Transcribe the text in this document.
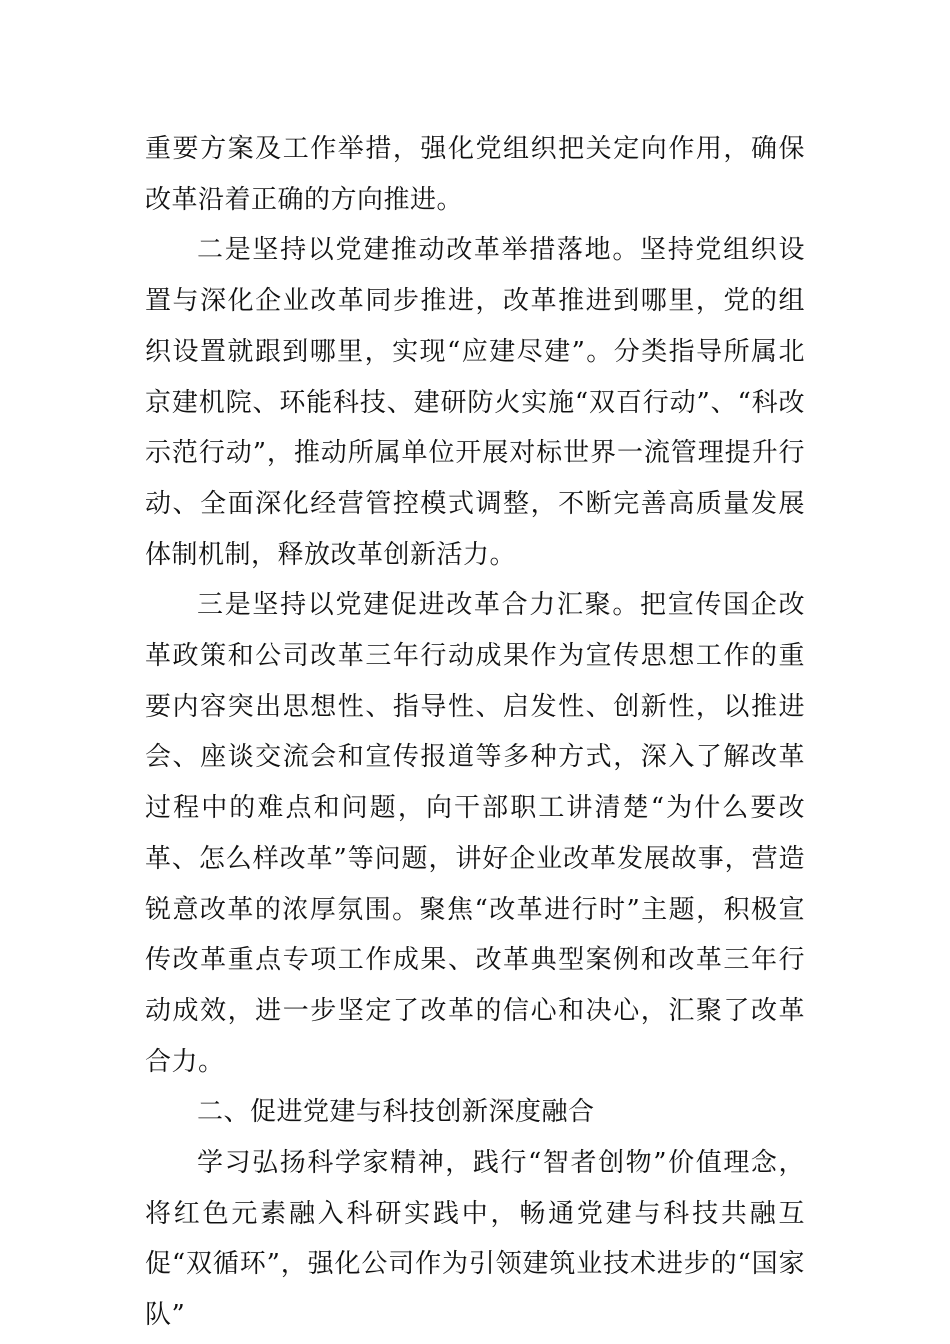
重要方案及工作举措，强化党组织把关定向作用，确保改革沿着正确的方向推进。

二是坚持以党建推动改革举措落地。坚持党组织设置与深化企业改革同步推进，改革推进到哪里，党的组织设置就跟到哪里，实现“应建尽建”。分类指导所属北京建机院、环能科技、建研防火实施“双百行动”、“科改示范行动”，推动所属单位开展对标世界一流管理提升行动、全面深化经营管控模式调整，不断完善高质量发展体制机制，释放改革创新活力。

三是坚持以党建促进改革合力汇聚。把宣传国企改革政策和公司改革三年行动成果作为宣传思想工作的重要内容突出思想性、指导性、启发性、创新性，以推进会、座谈交流会和宣传报道等多种方式，深入了解改革过程中的难点和问题，向干部职工讲清楚“为什么要改革、怎么样改革”等问题，讲好企业改革发展故事，营造锐意改革的浓厚氛围。聚焦“改革进行时”主题，积极宣传改革重点专项工作成果、改革典型案例和改革三年行动成效，进一步坚定了改革的信心和决心，汇聚了改革合力。

二、促进党建与科技创新深度融合

学习弘扬科学家精神，践行“智者创物”价值理念，将红色元素融入科研实践中，畅通党建与科技共融互促“双循环”，强化公司作为引领建筑业技术进步的“国家队”
